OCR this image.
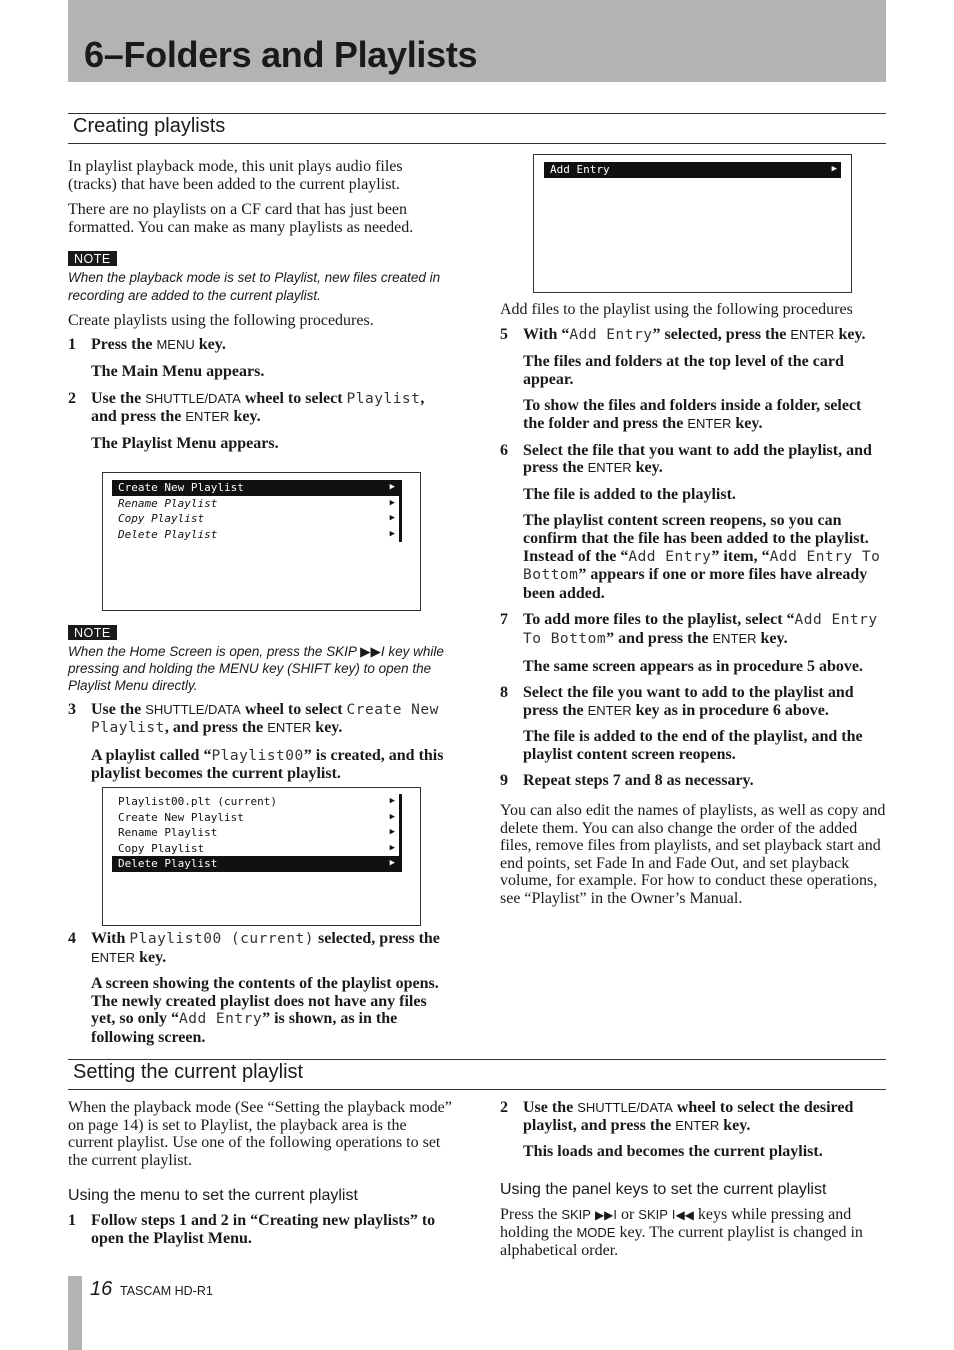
6–Folders and Playlists
Creating playlists

In playlist playback mode, this unit plays audio files (tracks) that have been added to the current playlist.

There are no playlists on a CF card that has just been formatted. You can make as many playlists as needed.

NOTE

When the playback mode is set to Playlist, new files created in recording are added to the current playlist.

Create playlists using the following procedures.

1 Press the MENU key.
The Main Menu appears.
2 Use the SHUTTLE/DATA wheel to select Playlist, and press the ENTER key.
The Playlist Menu appears.
Create New Playlist	▶
Rename Playlist	▶
Copy Playlist	▶
Delete Playlist	▶
NOTE

When the Home Screen is open, press the SKIP ▶▶I key while pressing and holding the MENU key (SHIFT key) to open the Playlist Menu directly.

3 Use the SHUTTLE/DATA wheel to select Create New Playlist, and press the ENTER key.
A playlist called “Playlist00” is created, and this playlist becomes the current playlist.
Playlist00.plt (current)	▶
Create New Playlist	▶
Rename Playlist	▶
Copy Playlist	▶
Delete Playlist	▶
4 With Playlist00 (current) selected, press the ENTER key.
A screen showing the contents of the playlist opens. The newly created playlist does not have any files yet, so only “Add Entry” is shown, as in the following screen.
Add Entry	▶

Add files to the playlist using the following procedures

5 With “Add Entry” selected, press the ENTER key.
The files and folders at the top level of the card appear.
To show the files and folders inside a folder, select the folder and press the ENTER key.
6 Select the file that you want to add the playlist, and press the ENTER key.
The file is added to the playlist.
The playlist content screen reopens, so you can confirm that the file has been added to the playlist. Instead of the “Add Entry” item, “Add Entry To Bottom” appears if one or more files have already been added.
7 To add more files to the playlist, select “Add Entry To Bottom” and press the ENTER key.
The same screen appears as in procedure 5 above.
8 Select the file you want to add to the playlist and press the ENTER key as in procedure 6 above.
The file is added to the end of the playlist, and the playlist content screen reopens.
9 Repeat steps 7 and 8 as necessary.

You can also edit the names of playlists, as well as copy and delete them. You can also change the order of the added files, remove files from playlists, and set playback start and end points, set Fade In and Fade Out, and set playback volume, for example. For how to conduct these operations, see “Playlist” in the Owner’s Manual.

Setting the current playlist

When the playback mode (See “Setting the playback mode” on page 14) is set to Playlist, the playback area is the current playlist. Use one of the following operations to set the current playlist.

Using the menu to set the current playlist
1 Follow steps 1 and 2 in “Creating new playlists” to open the Playlist Menu.
2 Use the SHUTTLE/DATA wheel to select the desired playlist, and press the ENTER key.
This loads and becomes the current playlist.
Using the panel keys to set the current playlist

Press the SKIP ▶▶I or SKIP I◀◀ keys while pressing and holding the MODE key. The current playlist is changed in alphabetical order.

16 TASCAM HD-R1
